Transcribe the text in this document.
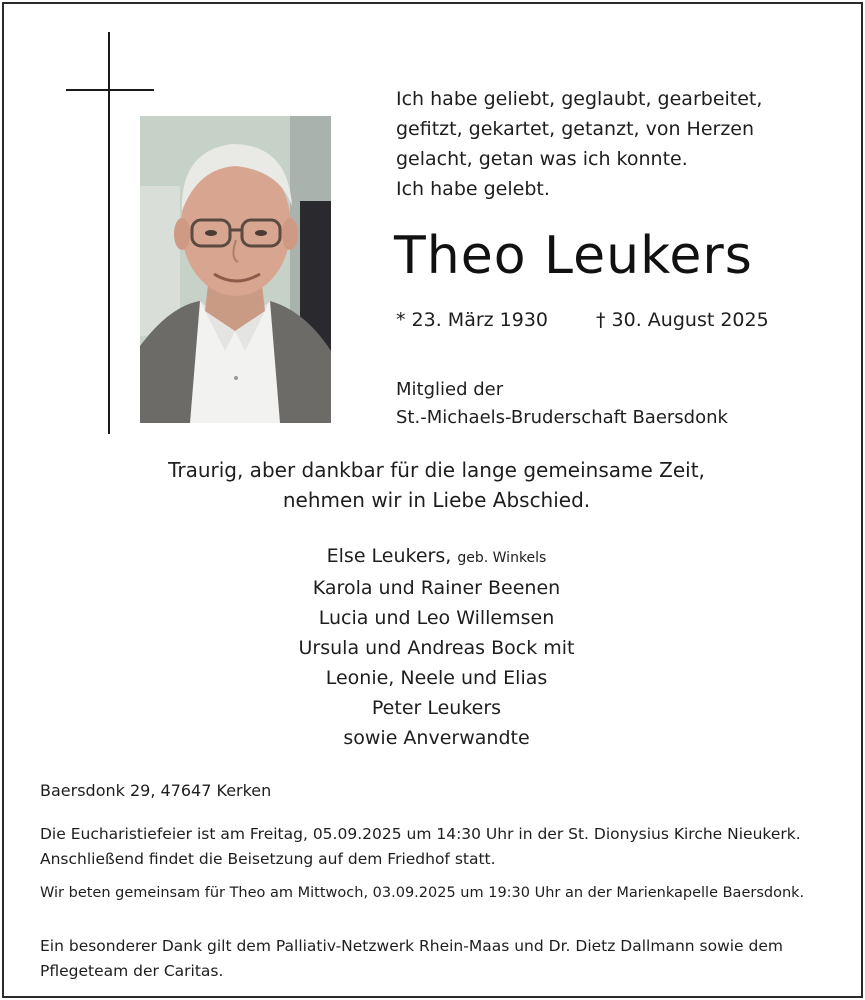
Ich habe geliebt, geglaubt, gearbeitet,
gefitzt, gekartet, getanzt, von Herzen
gelacht, getan was ich konnte.
Ich habe gelebt.
Theo Leukers
* 23. März 1930	† 30. August 2025
Mitglied der
St.-Michaels-Bruderschaft Baersdonk
Traurig, aber dankbar für die lange gemeinsame Zeit,
nehmen wir in Liebe Abschied.
Else Leukers, geb. Winkels
Karola und Rainer Beenen
Lucia und Leo Willemsen
Ursula und Andreas Bock mit
Leonie, Neele und Elias
Peter Leukers
sowie Anverwandte
Baersdonk 29, 47647 Kerken
Die Eucharistiefeier ist am Freitag, 05.09.2025 um 14:30 Uhr in der St. Dionysius Kirche Nieukerk.
Anschließend findet die Beisetzung auf dem Friedhof statt.
Wir beten gemeinsam für Theo am Mittwoch, 03.09.2025 um 19:30 Uhr an der Marienkapelle Baersdonk.
Ein besonderer Dank gilt dem Palliativ-Netzwerk Rhein-Maas und Dr. Dietz Dallmann sowie dem
Pflegeteam der Caritas.
